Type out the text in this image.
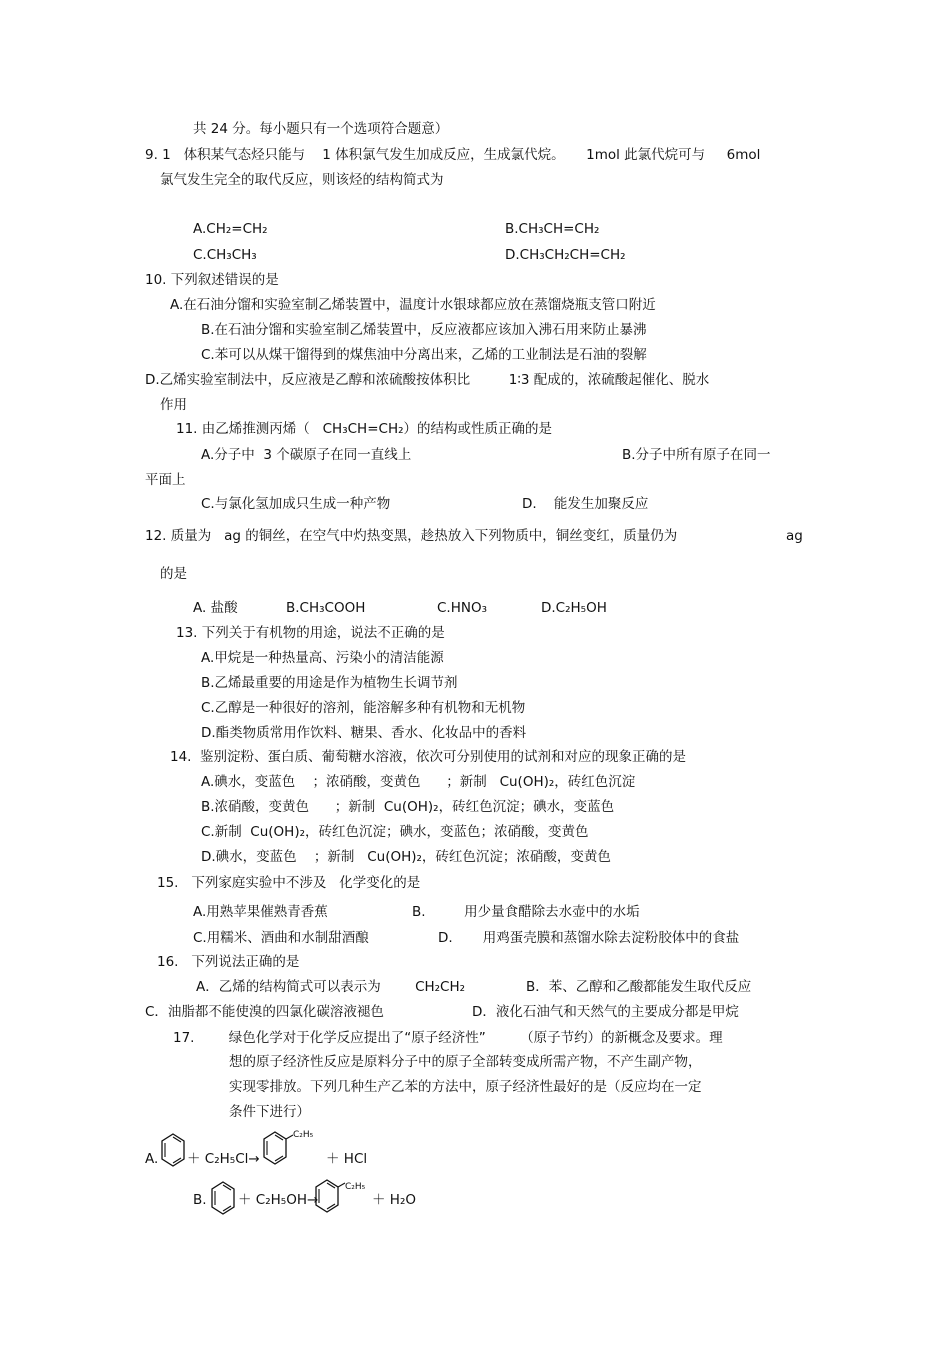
共 24 分。每小题只有一个选项符合题意）
9. 1   体积某气态烃只能与    1 体积氯气发生加成反应，生成氯代烷。     1mol 此氯代烷可与     6mol
氯气发生完全的取代反应，则该烃的结构简式为
A.CH₂=CH₂	B.CH₃CH=CH₂
C.CH₃CH₃	D.CH₃CH₂CH=CH₂
10. 下列叙述错误的是
A.在石油分馏和实验室制乙烯装置中，温度计水银球都应放在蒸馏烧瓶支管口附近
B.在石油分馏和实验室制乙烯装置中，反应液都应该加入沸石用来防止暴沸
C.苯可以从煤干馏得到的煤焦油中分离出来，乙烯的工业制法是石油的裂解
D.乙烯实验室制法中，反应液是乙醇和浓硫酸按体积比         1∶3 配成的，浓硫酸起催化、脱水
作用
11. 由乙烯推测丙烯（   CH₃CH=CH₂）的结构或性质正确的是
A.分子中  3 个碳原子在同一直线上	B.分子中所有原子在同一
平面上
C.与氯化氢加成只生成一种产物	D.    能发生加聚反应
12. 质量为   ag 的铜丝，在空气中灼热变黑，趁热放入下列物质中，铜丝变红，质量仍为	ag
的是
A. 盐酸	B.CH₃COOH	C.HNO₃	D.C₂H₅OH
13. 下列关于有机物的用途，说法不正确的是
A.甲烷是一种热量高、污染小的清洁能源
B.乙烯最重要的用途是作为植物生长调节剂
C.乙醇是一种很好的溶剂，能溶解多种有机物和无机物
D.酯类物质常用作饮料、糖果、香水、化妆品中的香料
14.  鉴别淀粉、蛋白质、葡萄糖水溶液，依次可分别使用的试剂和对应的现象正确的是
A.碘水，变蓝色    ；浓硝酸，变黄色      ；新制   Cu(OH)₂，砖红色沉淀
B.浓硝酸，变黄色      ；新制  Cu(OH)₂，砖红色沉淀；碘水，变蓝色
C.新制  Cu(OH)₂，砖红色沉淀；碘水，变蓝色；浓硝酸，变黄色
D.碘水，变蓝色    ；新制   Cu(OH)₂，砖红色沉淀；浓硝酸，变黄色
15.   下列家庭实验中不涉及   化学变化的是
A.用熟苹果催熟青香蕉	B.         用少量食醋除去水壶中的水垢
C.用糯米、酒曲和水制甜酒酿	D.       用鸡蛋壳膜和蒸馏水除去淀粉胶体中的食盐
16.   下列说法正确的是
A．乙烯的结构简式可以表示为        CH₂CH₂	B．苯、乙醇和乙酸都能发生取代反应
C．油脂都不能使溴的四氯化碳溶液褪色	D．液化石油气和天然气的主要成分都是甲烷
17.        绿色化学对于化学反应提出了“原子经济性”        （原子节约）的新概念及要求。理
想的原子经济性反应是原料分子中的原子全部转变成所需产物，不产生副产物，
实现零排放。下列几种生产乙苯的方法中，原子经济性最好的是（反应均在一定
条件下进行）
A. ＋ C₂H₅Cl→
C₂H₅
＋ HCl
B. ＋ C₂H₅OH→
C₂H₅
＋ H₂O
